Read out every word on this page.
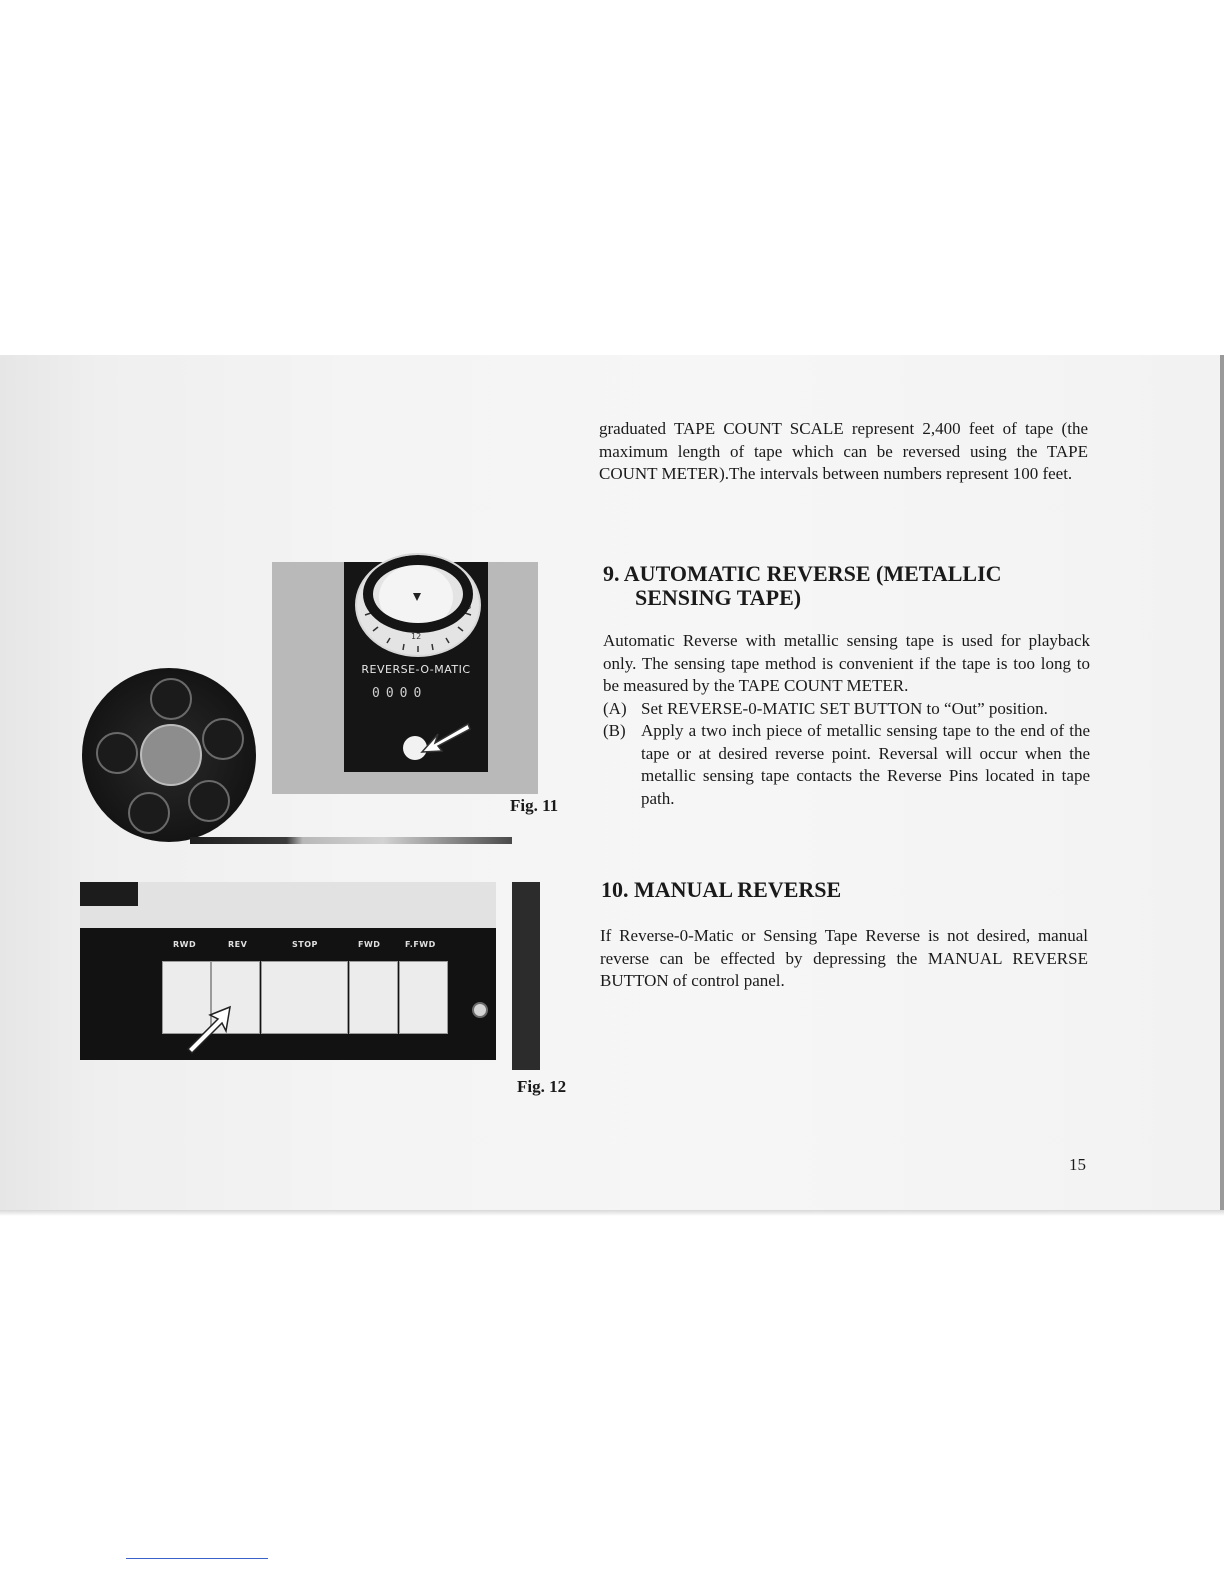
graduated TAPE COUNT SCALE represent 2,400 feet of tape (the maximum length of tape which can be reversed using the TAPE COUNT METER).The intervals between numbers represent 100 feet.

9. AUTOMATIC REVERSE (METALLIC
SENSING TAPE)

Automatic Reverse with metallic sensing tape is used for playback only. The sensing tape method is convenient if the tape is too long to be measured by the TAPE COUNT METER.

(A) Set REVERSE-0-MATIC SET BUTTON to “Out” position.
(B) Apply a two inch piece of metallic sensing tape to the end of the tape or at desired reverse point. Reversal will occur when the metallic sensing tape contacts the Reverse Pins located in tape path.
10. MANUAL REVERSE

If Reverse-0-Matic or Sensing Tape Reverse is not desired, manual reverse can be effected by depressing the MANUAL REVERSE BUTTON of control panel.

6
12
18
REVERSE-O-MATIC
0000
Fig. 11
RWD	REV	STOP	FWD	F.FWD
Fig. 12
15
